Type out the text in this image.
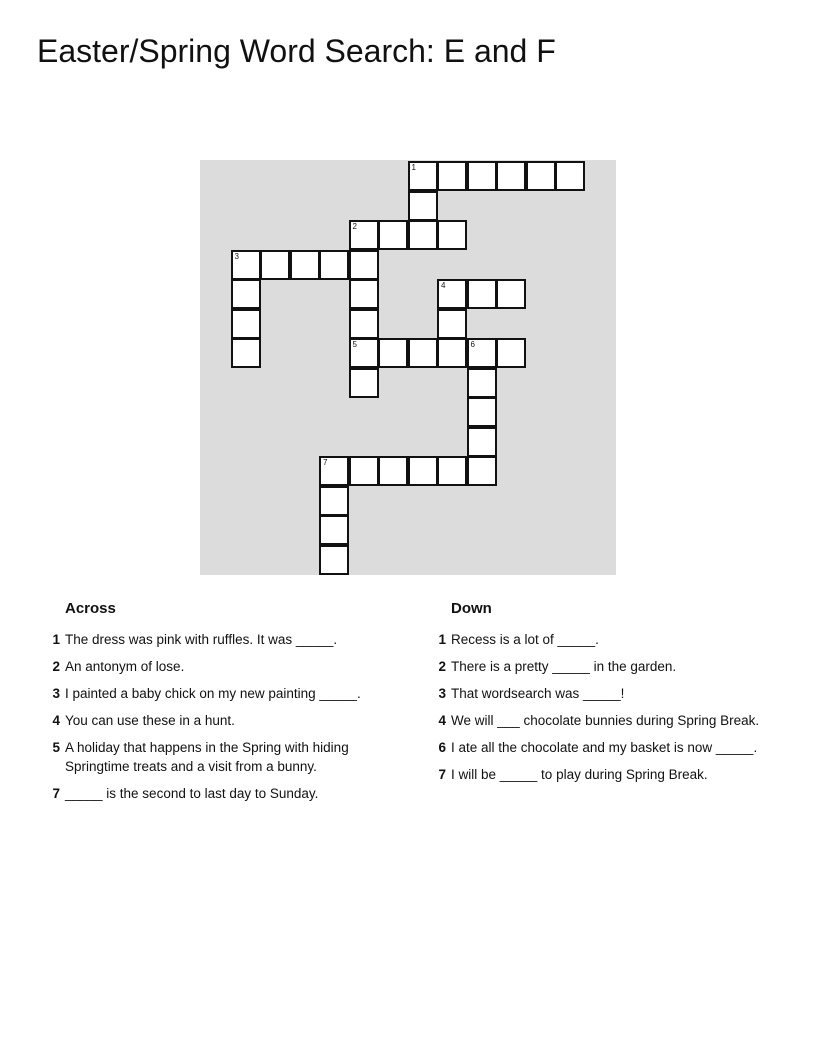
Easter/Spring Word Search: E and F
1
2
3
4
5	6
7
Across
1 The dress was pink with ruffles. It was _____.
2 An antonym of lose.
3 I painted a baby chick on my new painting _____.
4 You can use these in a hunt.
5 A holiday that happens in the Spring with hiding Springtime treats and a visit from a bunny.
7 _____ is the second to last day to Sunday.
Down
1 Recess is a lot of _____.
2 There is a pretty _____ in the garden.
3 That wordsearch was _____!
4 We will ___ chocolate bunnies during Spring Break.
6 I ate all the chocolate and my basket is now _____.
7 I will be _____ to play during Spring Break.
